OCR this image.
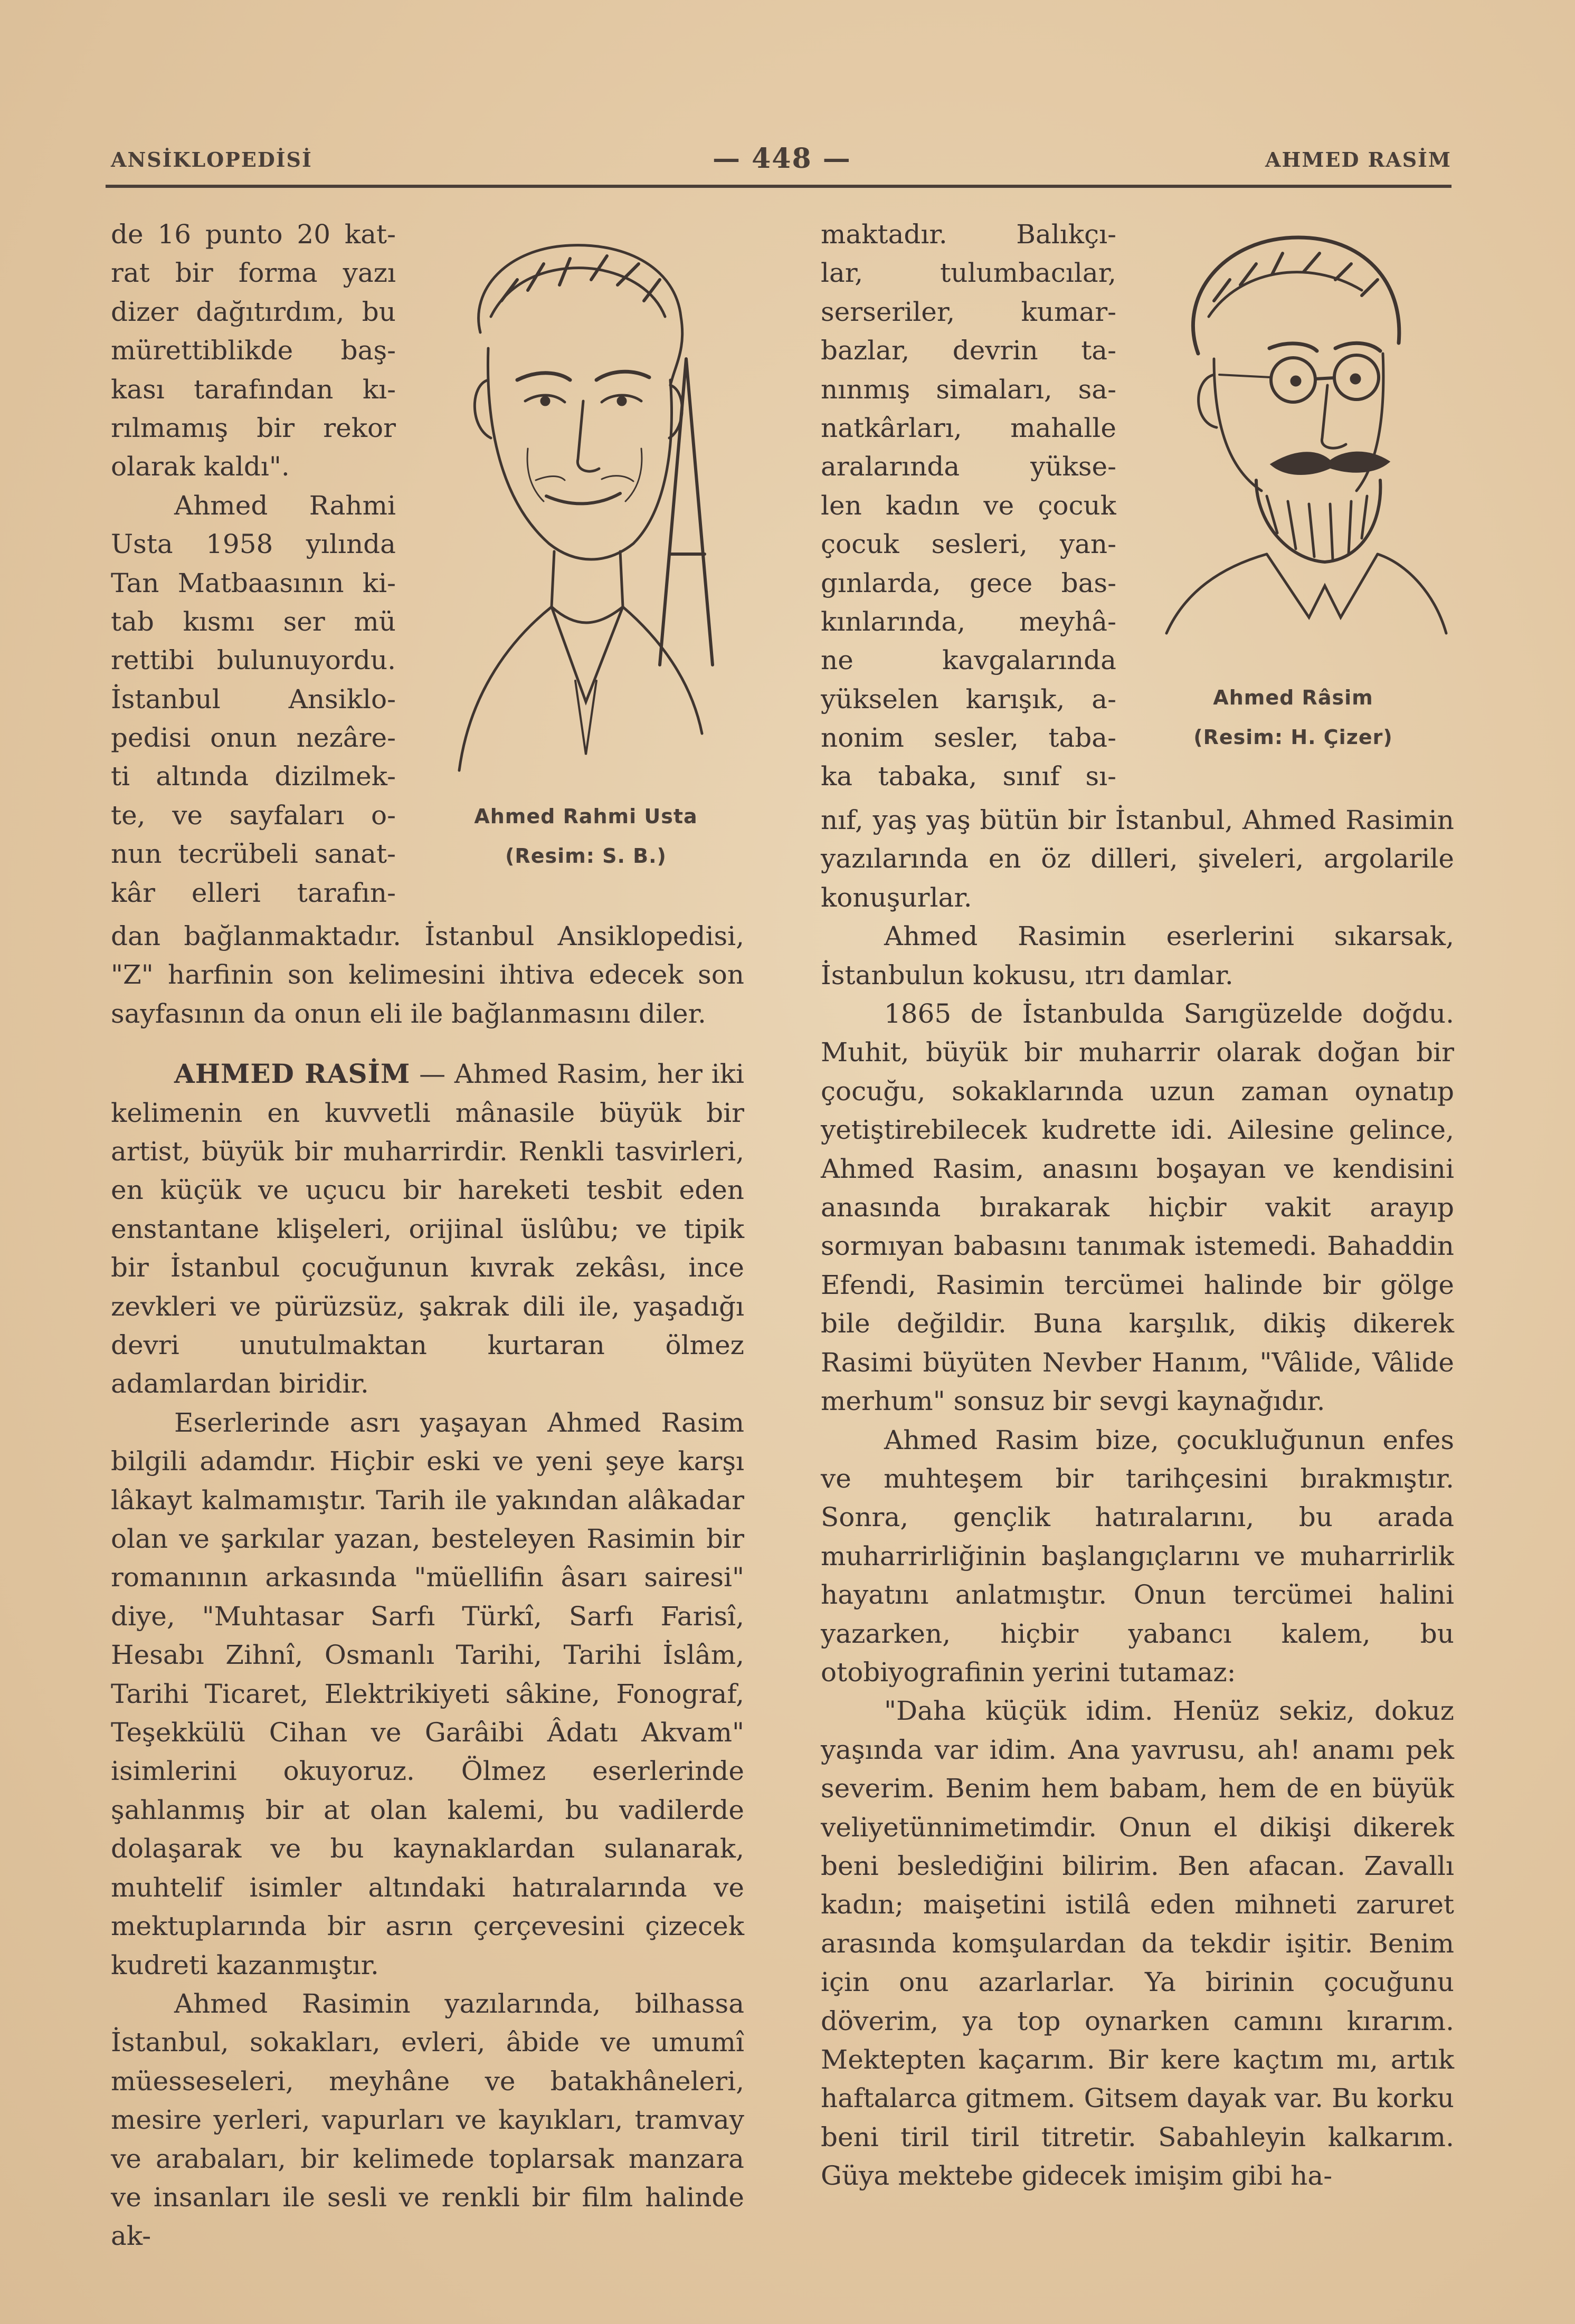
ANSİKLOPEDİSİ	— 448 —	AHMED RASİM
de 16 punto 20 kat-
rat bir forma yazı
dizer dağıtırdım, bu
mürettiblikde baş-
kası tarafından kı-
rılmamış bir rekor
olarak kaldı".
Ahmed Rahmi
Usta 1958 yılında
Tan Matbaasının ki-
tab kısmı ser mü
rettibi bulunuyordu.
İstanbul Ansiklo-
pedisi onun nezâre-
ti altında dizilmek-
te, ve sayfaları o-
nun tecrübeli sanat-
kâr elleri tarafın-
Ahmed Rahmi Usta
(Resim: S. B.)
dan bağlanmaktadır. İstanbul Ansiklopedisi,
"Z" harfinin son kelimesini ihtiva edecek son
sayfasının da onun eli ile bağlanmasını diler.

AHMED RASİM — Ahmed Rasim, her iki kelimenin en kuvvetli mânasile büyük bir artist, büyük bir muharrirdir. Renkli tasvirleri, en küçük ve uçucu bir hareketi tesbit eden enstantane klişeleri, orijinal üslûbu; ve tipik bir İstanbul çocuğunun kıvrak zekâsı, ince zevkleri ve pürüzsüz, şakrak dili ile, yaşadığı devri unutulmaktan kurtaran ölmez adamlardan biridir.

Eserlerinde asrı yaşayan Ahmed Rasim bilgili adamdır. Hiçbir eski ve yeni şeye karşı lâkayt kalmamıştır. Tarih ile yakından alâkadar olan ve şarkılar yazan, besteleyen Rasimin bir romanının arkasında "müellifin âsarı sairesi" diye, "Muhtasar Sarfı Türkî, Sarfı Farisî, Hesabı Zihnî, Osmanlı Tarihi, Tarihi İslâm, Tarihi Ticaret, Elektrikiyeti sâkine, Fonograf, Teşekkülü Cihan ve Garâibi Âdatı Akvam" isimlerini okuyoruz. Ölmez eserlerinde şahlanmış bir at olan kalemi, bu vadilerde dolaşarak ve bu kaynaklardan sulanarak, muhtelif isimler altındaki hatıralarında ve mektuplarında bir asrın çerçevesini çizecek kudreti kazanmıştır.

Ahmed Rasimin yazılarında, bilhassa İstanbul, sokakları, evleri, âbide ve umumî müesseseleri, meyhâne ve batakhâneleri, mesire yerleri, vapurları ve kayıkları, tramvay ve arabaları, bir kelimede toplarsak manzara ve insanları ile sesli ve renkli bir film halinde ak-

maktadır. Balıkçı-
lar, tulumbacılar,
serseriler, kumar-
bazlar, devrin ta-
nınmış simaları, sa-
natkârları, mahalle
aralarında yükse-
len kadın ve çocuk
çocuk sesleri, yan-
gınlarda, gece bas-
kınlarında, meyhâ-
ne kavgalarında
yükselen karışık, a-
nonim sesler, taba-
ka tabaka, sınıf sı-
Ahmed Râsim
(Resim: H. Çizer)

nıf, yaş yaş bütün bir İstanbul, Ahmed Rasimin yazılarında en öz dilleri, şiveleri, argolarile konuşurlar.

Ahmed Rasimin eserlerini sıkarsak, İstanbulun kokusu, ıtrı damlar.

1865 de İstanbulda Sarıgüzelde doğdu. Muhit, büyük bir muharrir olarak doğan bir çocuğu, sokaklarında uzun zaman oynatıp yetiştirebilecek kudrette idi. Ailesine gelince, Ahmed Rasim, anasını boşayan ve kendisini anasında bırakarak hiçbir vakit arayıp sormıyan babasını tanımak istemedi. Bahaddin Efendi, Rasimin tercümei halinde bir gölge bile değildir. Buna karşılık, dikiş dikerek Rasimi büyüten Nevber Hanım, "Vâlide, Vâlide merhum" sonsuz bir sevgi kaynağıdır.

Ahmed Rasim bize, çocukluğunun enfes ve muhteşem bir tarihçesini bırakmıştır. Sonra, gençlik hatıralarını, bu arada muharrirliğinin başlangıçlarını ve muharrirlik hayatını anlatmıştır. Onun tercümei halini yazarken, hiçbir yabancı kalem, bu otobiyografinin yerini tutamaz:

"Daha küçük idim. Henüz sekiz, dokuz yaşında var idim. Ana yavrusu, ah! anamı pek severim. Benim hem babam, hem de en büyük veliyetünnimetimdir. Onun el dikişi dikerek beni beslediğini bilirim. Ben afacan. Zavallı kadın; maişetini istilâ eden mihneti zaruret arasında komşulardan da tekdir işitir. Benim için onu azarlarlar. Ya birinin çocuğunu döverim, ya top oynarken camını kırarım. Mektepten kaçarım. Bir kere kaçtım mı, artık haftalarca gitmem. Gitsem dayak var. Bu korku beni tiril tiril titretir. Sabahleyin kalkarım. Güya mektebe gidecek imişim gibi ha-
